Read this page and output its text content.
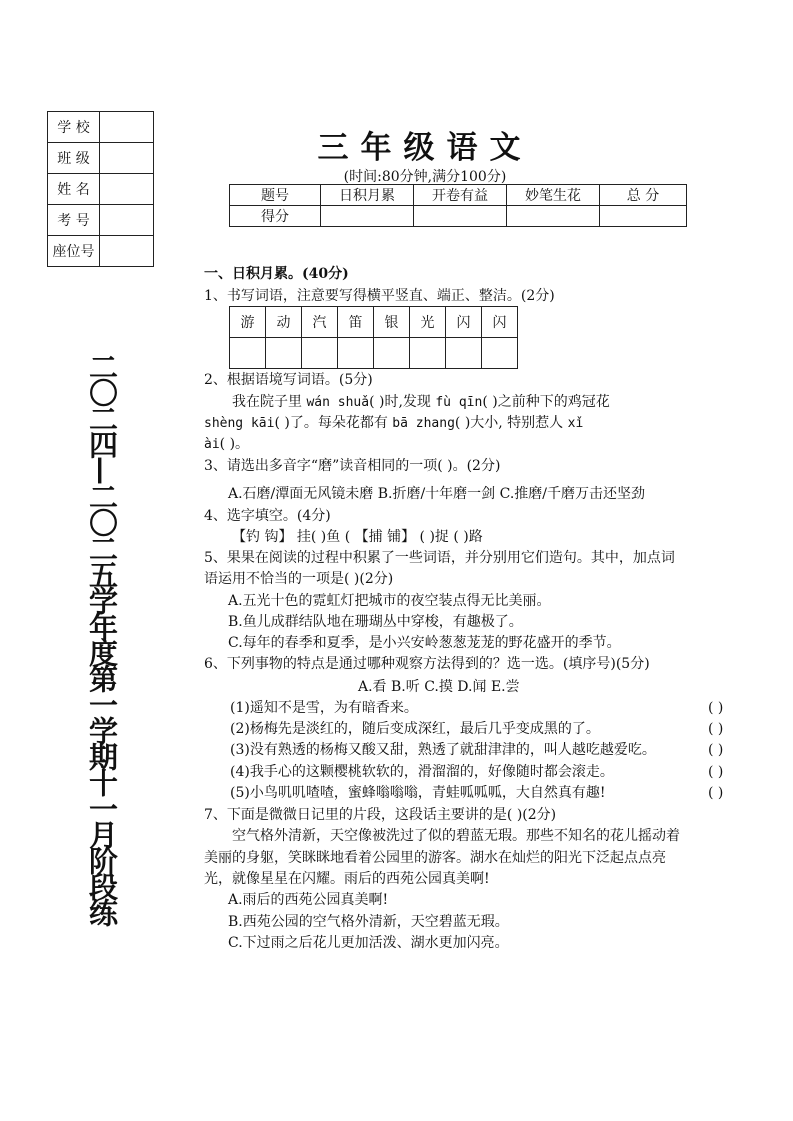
学 校	
班 级	
姓 名	
考 号	
座位号	
二〇二四—二〇二五学年度第一学期十一月阶段练
三年级语文
(时间:80分钟,满分100分)
题号	日积月累	开卷有益	妙笔生花	总 分
得分				
一、日积月累。(40分)
1、书写词语，注意要写得横平竖直、端正、整洁。(2分)
游	动	汽	笛	银	光	闪	闪

2、根据语境写词语。(5分)
我在院子里 wán shuǎ( )时,发现 fù qīn( )之前种下的鸡冠花
shèng kāi( )了。每朵花都有 bā zhang( )大小, 特别惹人 xǐ
ài( )。
3、请选出多音字“磨”读音相同的一项( )。(2分)
A.石磨/潭面无风镜未磨 B.折磨/十年磨一剑 C.推磨/千磨万击还坚劲
4、选字填空。(4分)
【钓 钩】 挂( )鱼 ( 【捕 铺】 ( )捉 ( )路
5、果果在阅读的过程中积累了一些词语，并分别用它们造句。其中，加点词
语运用不恰当的一项是( )(2分)
A.五光十色的霓虹灯把城市的夜空装点得无比美丽。
B.鱼儿成群结队地在珊瑚丛中穿梭，有趣极了。
C.每年的春季和夏季，是小兴安岭葱葱茏茏的野花盛开的季节。
6、下列事物的特点是通过哪种观察方法得到的？选一选。(填序号)(5分)
A.看 B.听 C.摸 D.闻 E.尝
(1)遥知不是雪，为有暗香来。	( )
(2)杨梅先是淡红的，随后变成深红，最后几乎变成黑的了。	( )
(3)没有熟透的杨梅又酸又甜，熟透了就甜津津的，叫人越吃越爱吃。	( )
(4)我手心的这颗樱桃软软的，滑溜溜的，好像随时都会滚走。	( )
(5)小鸟叽叽喳喳，蜜蜂嗡嗡嗡，青蛙呱呱呱，大自然真有趣!	( )
7、下面是微微日记里的片段，这段话主要讲的是( )(2分)
空气格外清新，天空像被洗过了似的碧蓝无瑕。那些不知名的花儿摇动着
美丽的身躯，笑眯眯地看着公园里的游客。湖水在灿烂的阳光下泛起点点亮
光，就像星星在闪耀。雨后的西苑公园真美啊!
A.雨后的西苑公园真美啊!
B.西苑公园的空气格外清新，天空碧蓝无瑕。
C.下过雨之后花儿更加活泼、湖水更加闪亮。
